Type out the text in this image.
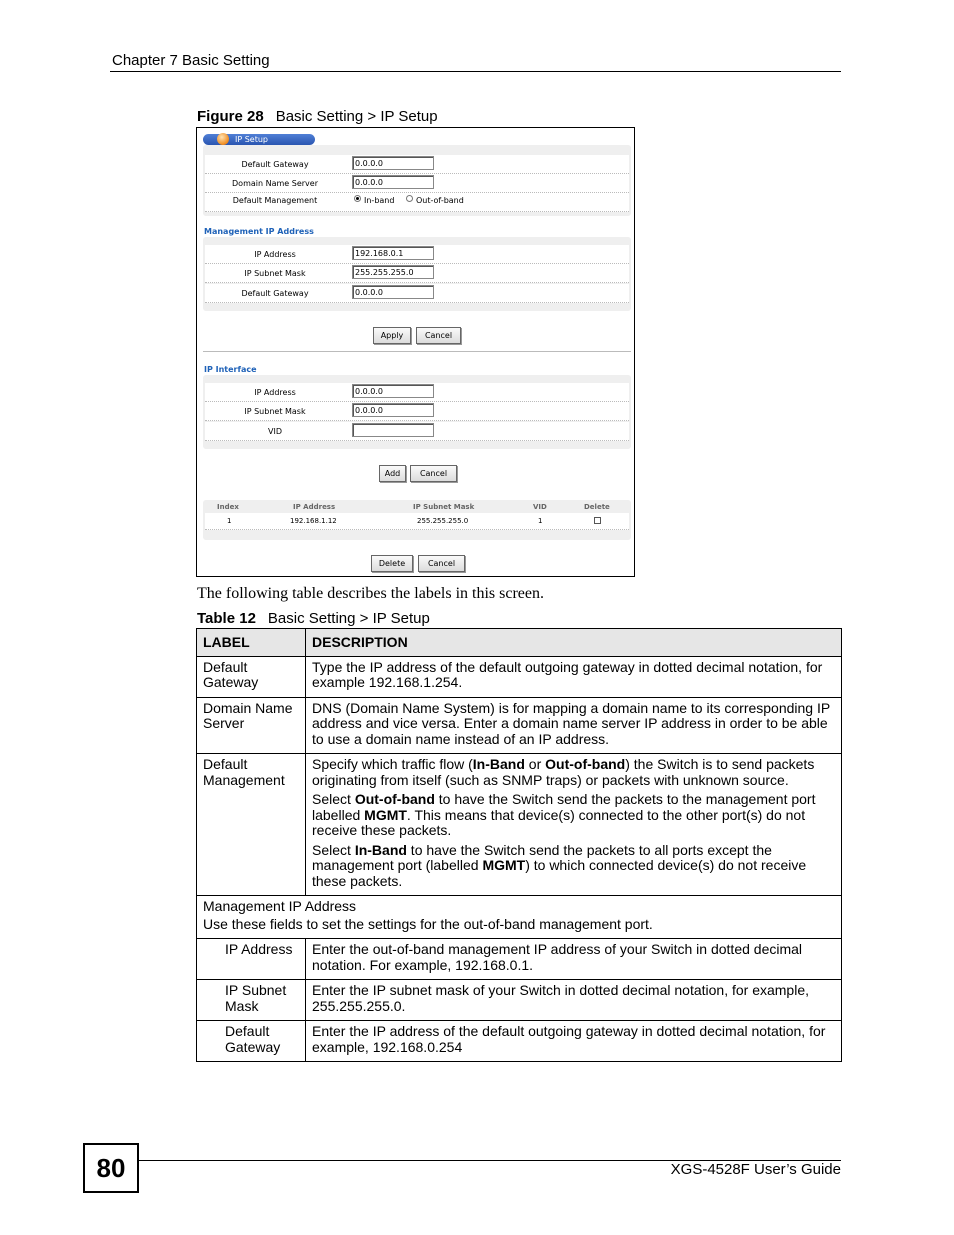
Chapter 7 Basic Setting
Figure 28 Basic Setting > IP Setup
IP Setup
Default Gateway	0.0.0.0
Domain Name Server	0.0.0.0
Default Management	In-band	Out-of-band
Management IP Address
IP Address	192.168.0.1
IP Subnet Mask	255.255.255.0
Default Gateway	0.0.0.0
Apply	Cancel
IP Interface
IP Address	0.0.0.0
IP Subnet Mask	0.0.0.0
VID
Add	Cancel
Index	IP Address	IP Subnet Mask	VID	Delete
1	192.168.1.12	255.255.255.0	1
Delete	Cancel
The following table describes the labels in this screen.
Table 12 Basic Setting > IP Setup
LABEL	DESCRIPTION
Default Gateway	Type the IP address of the default outgoing gateway in dotted decimal notation, for example 192.168.1.254.
Domain Name Server	DNS (Domain Name System) is for mapping a domain name to its corresponding IP address and vice versa. Enter a domain name server IP address in order to be able to use a domain name instead of an IP address.
Default Management	Specify which traffic flow (In-Band or Out-of-band) the Switch is to send packets originating from itself (such as SNMP traps) or packets with unknown source.

Select Out-of-band to have the Switch send the packets to the management port labelled MGMT. This means that device(s) connected to the other port(s) do not receive these packets.

Select In-Band to have the Switch send the packets to all ports except the management port (labelled MGMT) to which connected device(s) do not receive these packets.

Management IP Address
Use these fields to set the settings for the out-of-band management port.	

IP Address	Enter the out-of-band management IP address of your Switch in dotted decimal notation. For example, 192.168.0.1.
IP Subnet Mask	Enter the IP subnet mask of your Switch in dotted decimal notation, for example, 255.255.255.0.
Default Gateway	Enter the IP address of the default outgoing gateway in dotted decimal notation, for example, 192.168.0.254
80	XGS-4528F User’s Guide
